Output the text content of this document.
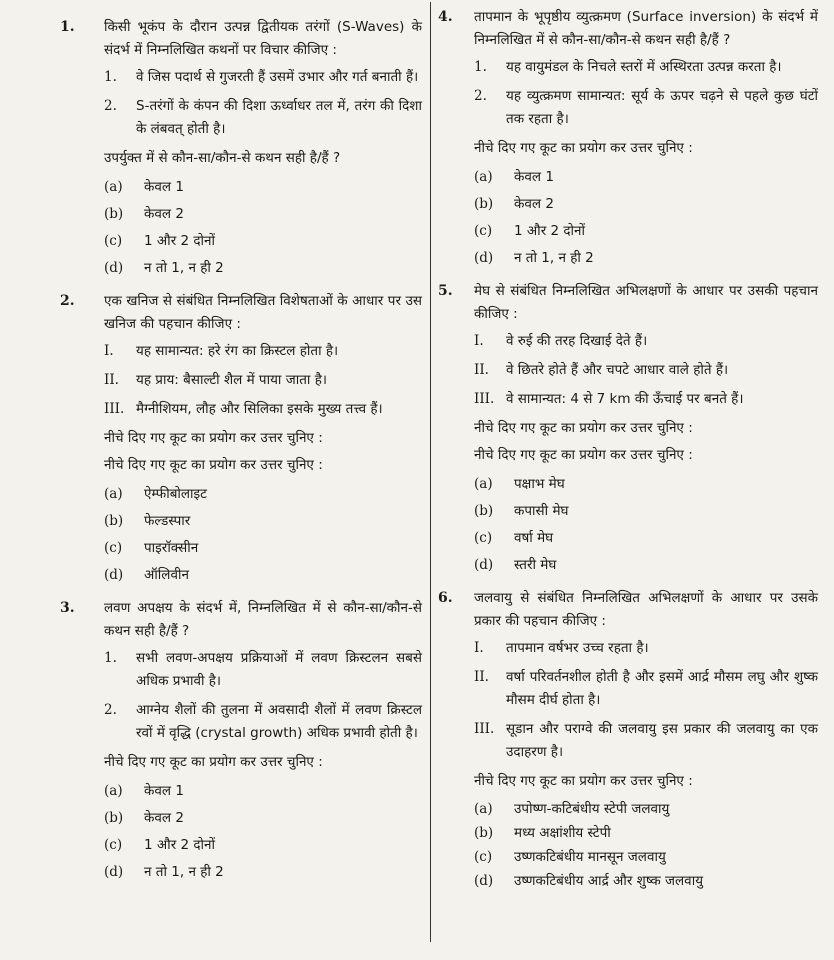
1. किसी भूकंप के दौरान उत्पन्न द्वितीयक तरंगों (S-Waves) के संदर्भ में निम्नलिखित कथनों पर विचार कीजिए :

1. वे जिस पदार्थ से गुजरती हैं उसमें उभार और गर्त बनाती हैं।
2. S-तरंगों के कंपन की दिशा ऊर्ध्वाधर तल में, तरंग की दिशा के लंबवत् होती है।

उपर्युक्त में से कौन-सा/कौन-से कथन सही है/हैं ?

(a) केवल 1
(b) केवल 2
(c) 1 और 2 दोनों
(d) न तो 1, न ही 2
2. एक खनिज से संबंधित निम्नलिखित विशेषताओं के आधार पर उस खनिज की पहचान कीजिए :

I. यह सामान्यत: हरे रंग का क्रिस्टल होता है।
II. यह प्राय: बैसाल्टी शैल में पाया जाता है।
III. मैग्नीशियम, लौह और सिलिका इसके मुख्य तत्त्व हैं।

नीचे दिए गए कूट का प्रयोग कर उत्तर चुनिए :

नीचे दिए गए कूट का प्रयोग कर उत्तर चुनिए :

(a) ऐम्फीबोलाइट
(b) फेल्डस्पार
(c) पाइरॉक्सीन
(d) ऑलिवीन
3. लवण अपक्षय के संदर्भ में, निम्नलिखित में से कौन-सा/कौन-से कथन सही है/हैं ?

1. सभी लवण-अपक्षय प्रक्रियाओं में लवण क्रिस्टलन सबसे अधिक प्रभावी है।
2. आग्नेय शैलों की तुलना में अवसादी शैलों में लवण क्रिस्टल रवों में वृद्धि (crystal growth) अधिक प्रभावी होती है।

नीचे दिए गए कूट का प्रयोग कर उत्तर चुनिए :

(a) केवल 1
(b) केवल 2
(c) 1 और 2 दोनों
(d) न तो 1, न ही 2
4. तापमान के भूपृष्ठीय व्युत्क्रमण (Surface inversion) के संदर्भ में निम्नलिखित में से कौन-सा/कौन-से कथन सही है/हैं ?

1. यह वायुमंडल के निचले स्तरों में अस्थिरता उत्पन्न करता है।
2. यह व्युत्क्रमण सामान्यत: सूर्य के ऊपर चढ़ने से पहले कुछ घंटों तक रहता है।

नीचे दिए गए कूट का प्रयोग कर उत्तर चुनिए :

(a) केवल 1
(b) केवल 2
(c) 1 और 2 दोनों
(d) न तो 1, न ही 2
5. मेघ से संबंधित निम्नलिखित अभिलक्षणों के आधार पर उसकी पहचान कीजिए :

I. वे रुई की तरह दिखाई देते हैं।
II. वे छितरे होते हैं और चपटे आधार वाले होते हैं।
III. वे सामान्यत: 4 से 7 km की ऊँचाई पर बनते हैं।

नीचे दिए गए कूट का प्रयोग कर उत्तर चुनिए :

नीचे दिए गए कूट का प्रयोग कर उत्तर चुनिए :

(a) पक्षाभ मेघ
(b) कपासी मेघ
(c) वर्षा मेघ
(d) स्तरी मेघ
6. जलवायु से संबंधित निम्नलिखित अभिलक्षणों के आधार पर उसके प्रकार की पहचान कीजिए :

I. तापमान वर्षभर उच्च रहता है।
II. वर्षा परिवर्तनशील होती है और इसमें आर्द्र मौसम लघु और शुष्क मौसम दीर्घ होता है।
III. सूडान और पराग्वे की जलवायु इस प्रकार की जलवायु का एक उदाहरण है।

नीचे दिए गए कूट का प्रयोग कर उत्तर चुनिए :

(a) उपोष्ण-कटिबंधीय स्टेपी जलवायु
(b) मध्य अक्षांशीय स्टेपी
(c) उष्णकटिबंधीय मानसून जलवायु
(d) उष्णकटिबंधीय आर्द्र और शुष्क जलवायु
